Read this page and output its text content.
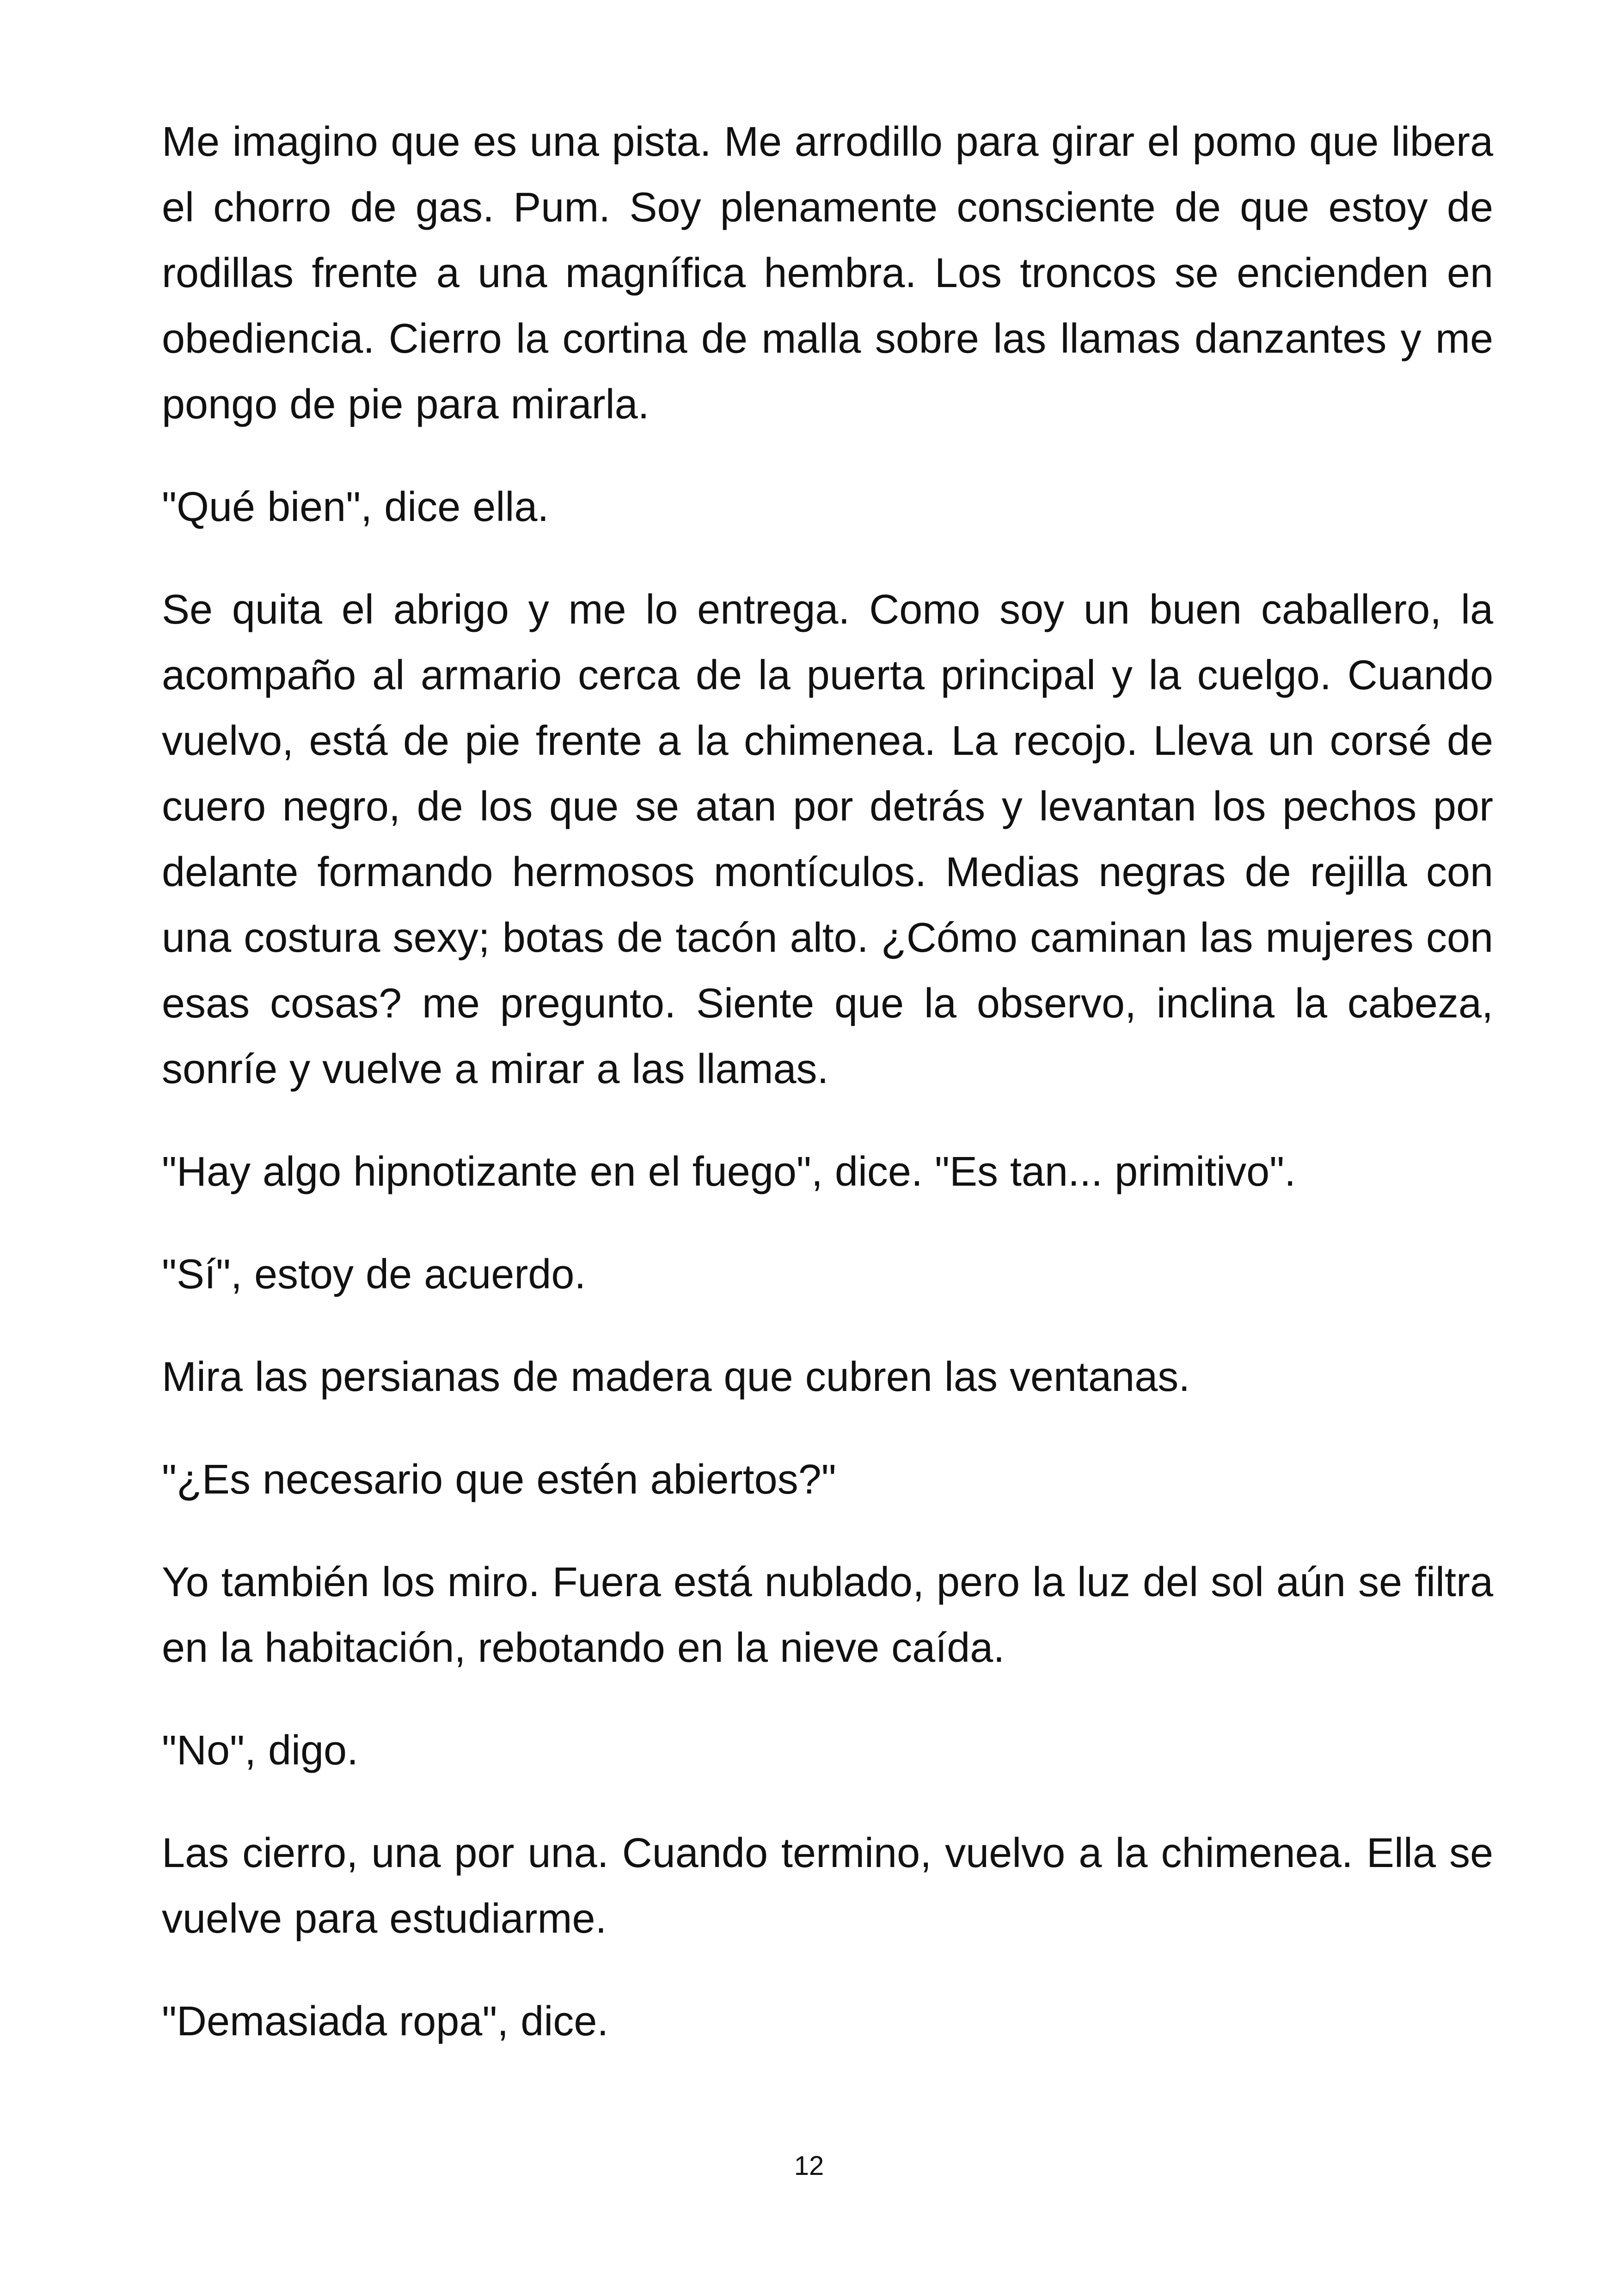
Me imagino que es una pista. Me arrodillo para girar el pomo que libera el chorro de gas. Pum. Soy plenamente consciente de que estoy de rodillas frente a una magnífica hembra. Los troncos se encienden en obediencia. Cierro la cortina de malla sobre las llamas danzantes y me pongo de pie para mirarla.

"Qué bien", dice ella.

Se quita el abrigo y me lo entrega. Como soy un buen caballero, la acompaño al armario cerca de la puerta principal y la cuelgo. Cuando vuelvo, está de pie frente a la chimenea. La recojo. Lleva un corsé de cuero negro, de los que se atan por detrás y levantan los pechos por delante formando hermosos montículos. Medias negras de rejilla con una costura sexy; botas de tacón alto. ¿Cómo caminan las mujeres con esas cosas? me pregunto. Siente que la observo, inclina la cabeza, sonríe y vuelve a mirar a las llamas.

"Hay algo hipnotizante en el fuego", dice. "Es tan... primitivo".

"Sí", estoy de acuerdo.

Mira las persianas de madera que cubren las ventanas.

"¿Es necesario que estén abiertos?"

Yo también los miro. Fuera está nublado, pero la luz del sol aún se filtra en la habitación, rebotando en la nieve caída.

"No", digo.

Las cierro, una por una. Cuando termino, vuelvo a la chimenea. Ella se vuelve para estudiarme.

"Demasiada ropa", dice.

12
